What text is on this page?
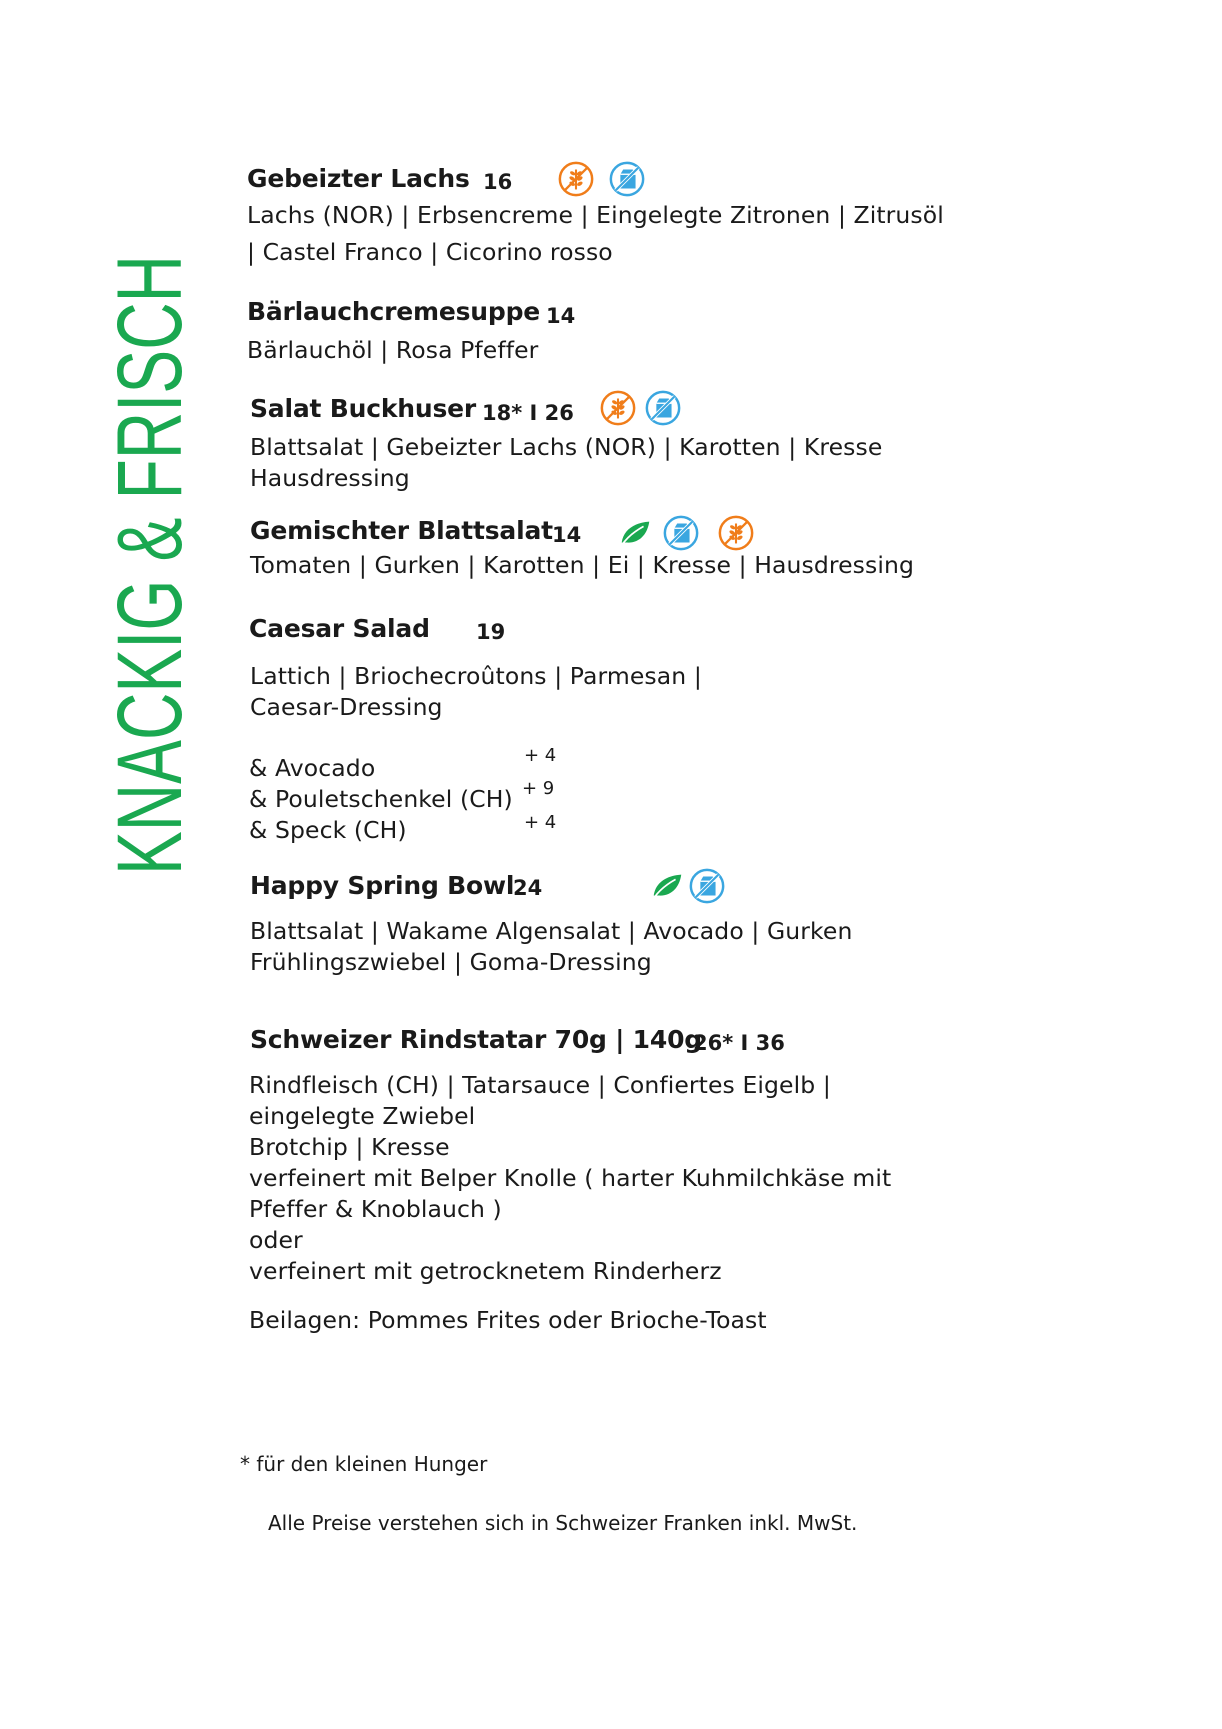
KNACKIG & FRISCH Gebeizter Lachs 16
Lachs (NOR) | Erbsencreme | Eingelegte Zitronen | Zitrusöl
| Castel Franco | Cicorino rosso
Bärlauchcremesuppe 14
Bärlauchöl | Rosa Pfeffer
Salat Buckhuser 18* I 26
Blattsalat | Gebeizter Lachs (NOR) | Karotten | Kresse
Hausdressing
Gemischter Blattsalat 14
Tomaten | Gurken | Karotten | Ei | Kresse | Hausdressing
Caesar Salad 19
Lattich | Briochecroûtons | Parmesan |
Caesar-Dressing
& Avocado	+ 4
& Pouletschenkel (CH) + 9
& Speck (CH)	+ 4
Happy Spring Bowl
24
Blattsalat | Wakame Algensalat | Avocado | Gurken
Frühlingszwiebel | Goma-Dressing
Schweizer Rindstatar 70g | 140g
26* I 36
Rindfleisch (CH) | Tatarsauce | Confiertes Eigelb |
eingelegte Zwiebel
Brotchip | Kresse
verfeinert mit Belper Knolle ( harter Kuhmilchkäse mit
Pfeffer & Knoblauch )
oder
verfeinert mit getrocknetem Rinderherz
Beilagen: Pommes Frites oder Brioche-Toast
* für den kleinen Hunger
Alle Preise verstehen sich in Schweizer Franken inkl. MwSt.
